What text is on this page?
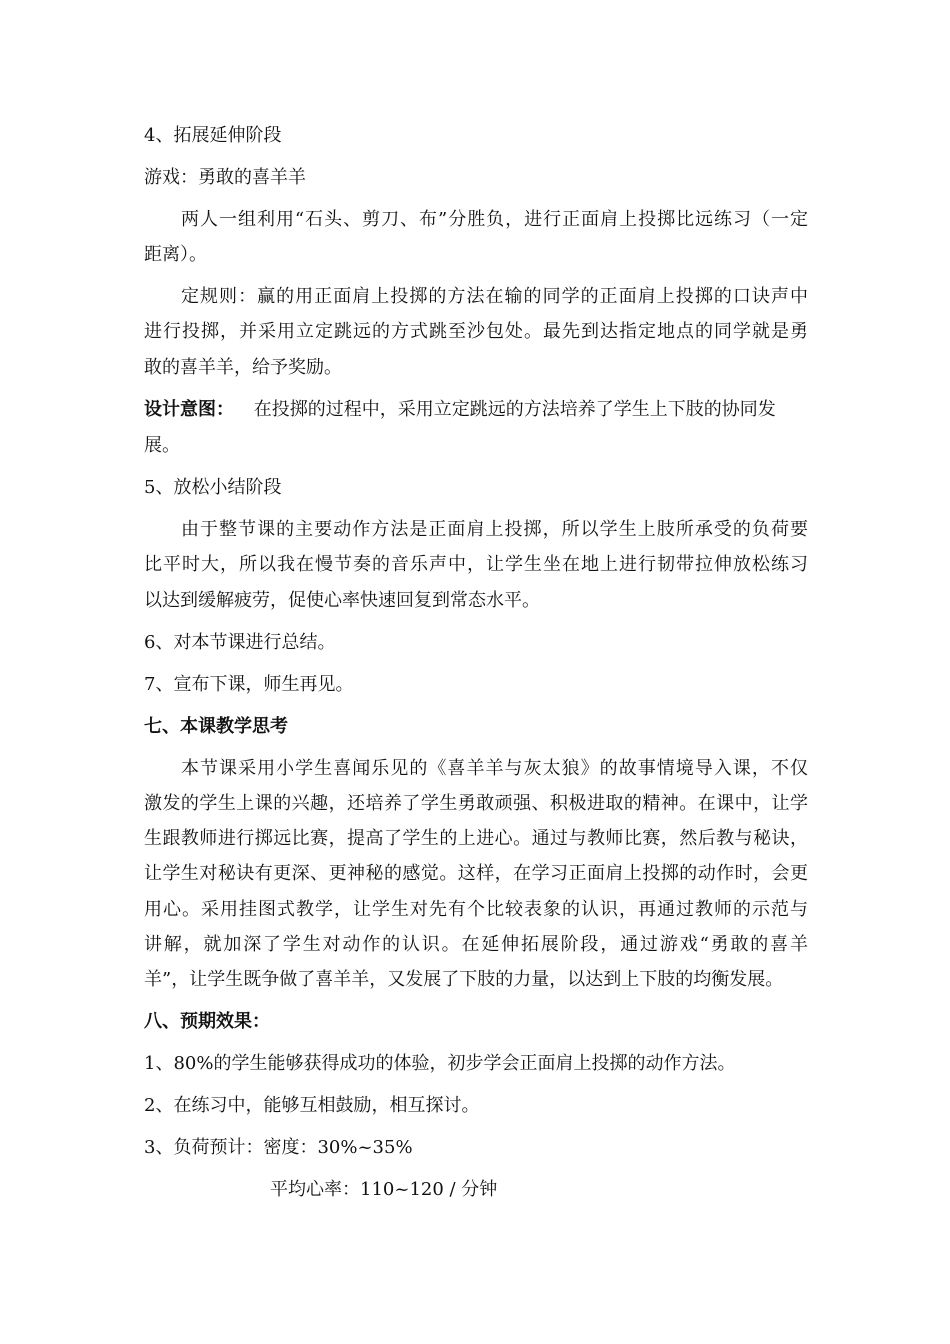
4、拓展延伸阶段
游戏：勇敢的喜羊羊
两人一组利用“石头、剪刀、布”分胜负，进行正面肩上投掷比远练习（一定
距离）。
定规则：赢的用正面肩上投掷的方法在输的同学的正面肩上投掷的口诀声中
进行投掷，并采用立定跳远的方式跳至沙包处。最先到达指定地点的同学就是勇
敢的喜羊羊，给予奖励。
设计意图： 在投掷的过程中，采用立定跳远的方法培养了学生上下肢的协同发
展。
5、放松小结阶段
由于整节课的主要动作方法是正面肩上投掷，所以学生上肢所承受的负荷要
比平时大，所以我在慢节奏的音乐声中，让学生坐在地上进行韧带拉伸放松练习
以达到缓解疲劳，促使心率快速回复到常态水平。
6、对本节课进行总结。
7、宣布下课，师生再见。
七、本课教学思考
本节课采用小学生喜闻乐见的《喜羊羊与灰太狼》的故事情境导入课，不仅
激发的学生上课的兴趣，还培养了学生勇敢顽强、积极进取的精神。在课中，让学
生跟教师进行掷远比赛，提高了学生的上进心。通过与教师比赛，然后教与秘诀，
让学生对秘诀有更深、更神秘的感觉。这样，在学习正面肩上投掷的动作时，会更
用心。采用挂图式教学，让学生对先有个比较表象的认识，再通过教师的示范与
讲解，就加深了学生对动作的认识。在延伸拓展阶段，通过游戏“勇敢的喜羊
羊”，让学生既争做了喜羊羊，又发展了下肢的力量，以达到上下肢的均衡发展。
八、预期效果：
1、80%的学生能够获得成功的体验，初步学会正面肩上投掷的动作方法。
2、在练习中，能够互相鼓励，相互探讨。
3、负荷预计：密度：30%~35%
平均心率：110~120 / 分钟
